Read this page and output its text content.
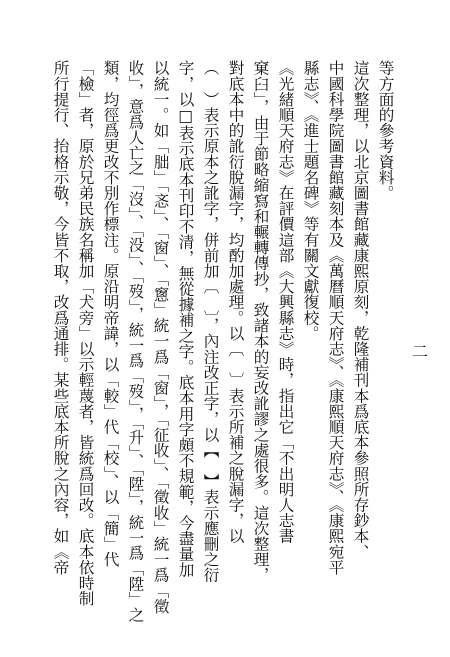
等方面的參考資料。
這次整理，以北京圖書館藏康熙原刻，乾隆補刊本爲底本參照所存鈔本、
中國科學院圖書館藏刻本及《萬曆順天府志》、《康熙順天府志》、《康熙宛平
縣志》、《進士題名碑》等有關文獻復校。
《光緒順天府志》在評價這部《大興縣志》時，指出它「不出明人志書
窠臼」，由于節略縮寫和輾轉傳抄，致諸本的妄改訛謬之處很多。這次整理，
對底本中的訛衍脫漏字，均酌加處理。以〔　〕表示所補之脫漏字，以
（　）表示原本之訛字，併前加〔　〕，內注改正字，以【　】表示應刪之衍
字，以□表示底本刊印不清，無從據補之字。底本用字頗不規範，今盡量加
以統一。如「朏」「忞」、「窗」、「窻」統一爲「窗」，「征收」、「徵收」統一爲「徵
收」，意爲人亡之「沒」、「没」、「歿」，統一爲「歿」，「升」、「陞」，統一爲「陞」之
類，均徑爲更改不別作標注。原沿明帝諱，以「較」代「校」、以「簡」代
「檢」者，原於兄弟民族名稱加「犬旁」以示輕蔑者，皆統爲回改。底本依時制
所行提行、抬格示敬，今皆不取，改爲通排。某些底本所脫之內容，如《帝	二
